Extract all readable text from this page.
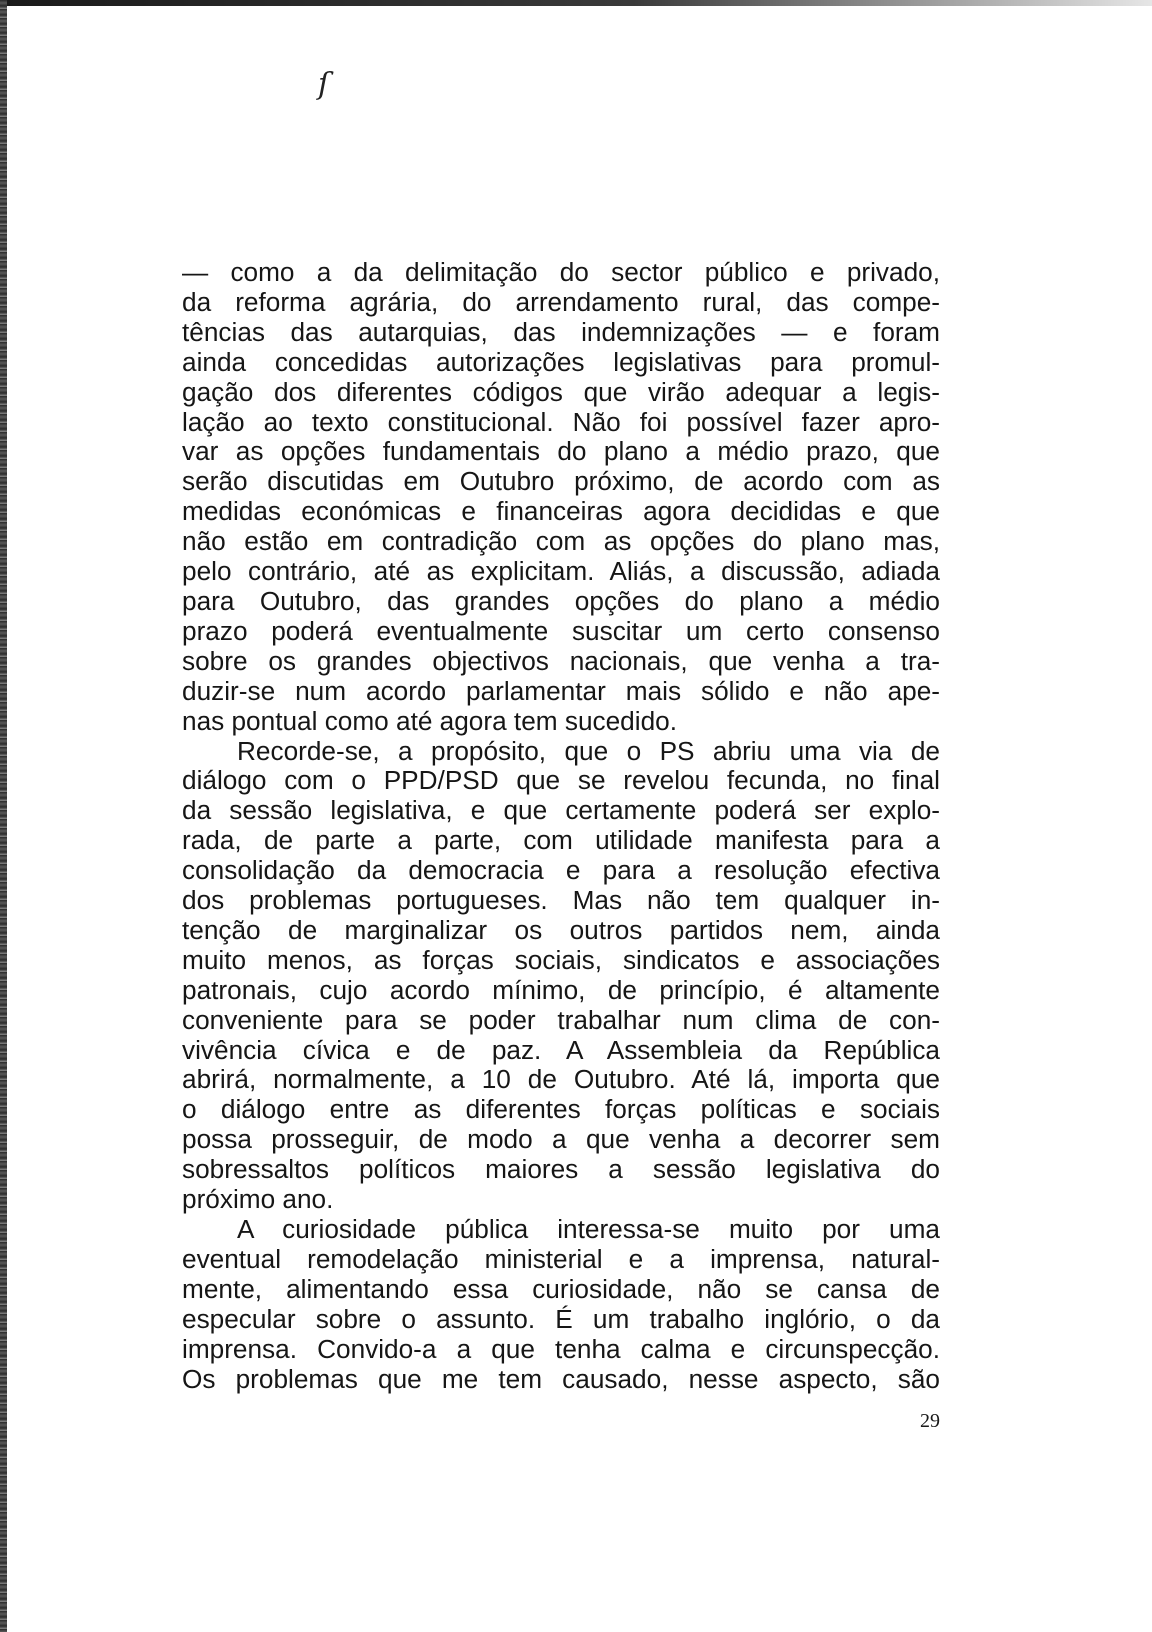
ſ

— como a da delimitação do sector público e privado,

da reforma agrária, do arrendamento rural, das compe-

tências das autarquias, das indemnizações — e foram

ainda concedidas autorizações legislativas para promul-

gação dos diferentes códigos que virão adequar a legis-

lação ao texto constitucional. Não foi possível fazer apro-

var as opções fundamentais do plano a médio prazo, que

serão discutidas em Outubro próximo, de acordo com as

medidas económicas e financeiras agora decididas e que

não estão em contradição com as opções do plano mas,

pelo contrário, até as explicitam. Aliás, a discussão, adiada

para Outubro, das grandes opções do plano a médio

prazo poderá eventualmente suscitar um certo consenso

sobre os grandes objectivos nacionais, que venha a tra-

duzir-se num acordo parlamentar mais sólido e não ape-

nas pontual como até agora tem sucedido.

Recorde-se, a propósito, que o PS abriu uma via de

diálogo com o PPD/PSD que se revelou fecunda, no final

da sessão legislativa, e que certamente poderá ser explo-

rada, de parte a parte, com utilidade manifesta para a

consolidação da democracia e para a resolução efectiva

dos problemas portugueses. Mas não tem qualquer in-

tenção de marginalizar os outros partidos nem, ainda

muito menos, as forças sociais, sindicatos e associações

patronais, cujo acordo mínimo, de princípio, é altamente

conveniente para se poder trabalhar num clima de con-

vivência cívica e de paz. A Assembleia da República

abrirá, normalmente, a 10 de Outubro. Até lá, importa que

o diálogo entre as diferentes forças políticas e sociais

possa prosseguir, de modo a que venha a decorrer sem

sobressaltos políticos maiores a sessão legislativa do

próximo ano.

A curiosidade pública interessa-se muito por uma

eventual remodelação ministerial e a imprensa, natural-

mente, alimentando essa curiosidade, não se cansa de

especular sobre o assunto. É um trabalho inglório, o da

imprensa. Convido-a a que tenha calma e circunspecção.

Os problemas que me tem causado, nesse aspecto, são

29
